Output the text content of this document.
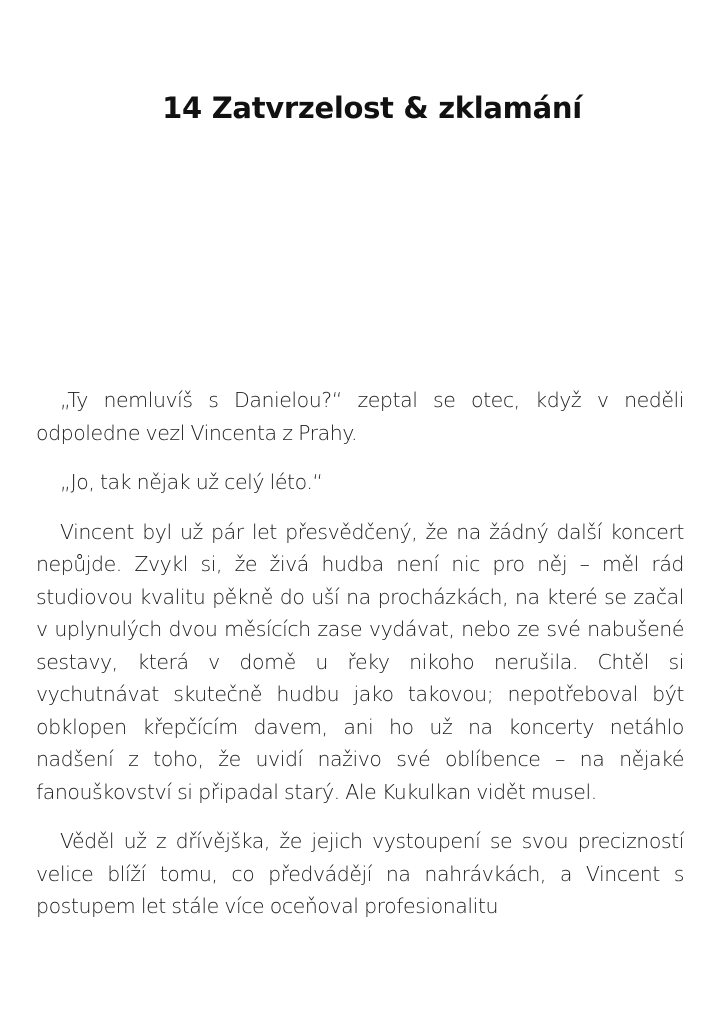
14 Zatvrzelost & zklamání

„Ty nemluvíš s Danielou?“ zeptal se otec, když v neděli odpoledne vezl Vincenta z Prahy.

„Jo, tak nějak už celý léto.“

Vincent byl už pár let přesvědčený, že na žádný další koncert nepůjde. Zvykl si, že živá hudba není nic pro něj – měl rád studiovou kvalitu pěkně do uší na procházkách, na které se začal v uplynulých dvou měsících zase vydávat, nebo ze své nabušené sestavy, která v domě u řeky nikoho nerušila. Chtěl si vychutnávat skutečně hudbu jako takovou; nepotřeboval být obklopen křepčícím davem, ani ho už na koncerty netáhlo nadšení z toho, že uvidí naživo své oblíbence – na nějaké fanouškovství si připadal starý. Ale Kukulkan vidět musel.

Věděl už z dřívějška, že jejich vystoupení se svou precizností velice blíží tomu, co předvádějí na nahrávkách, a Vincent s postupem let stále více oceňoval profesionalitu
